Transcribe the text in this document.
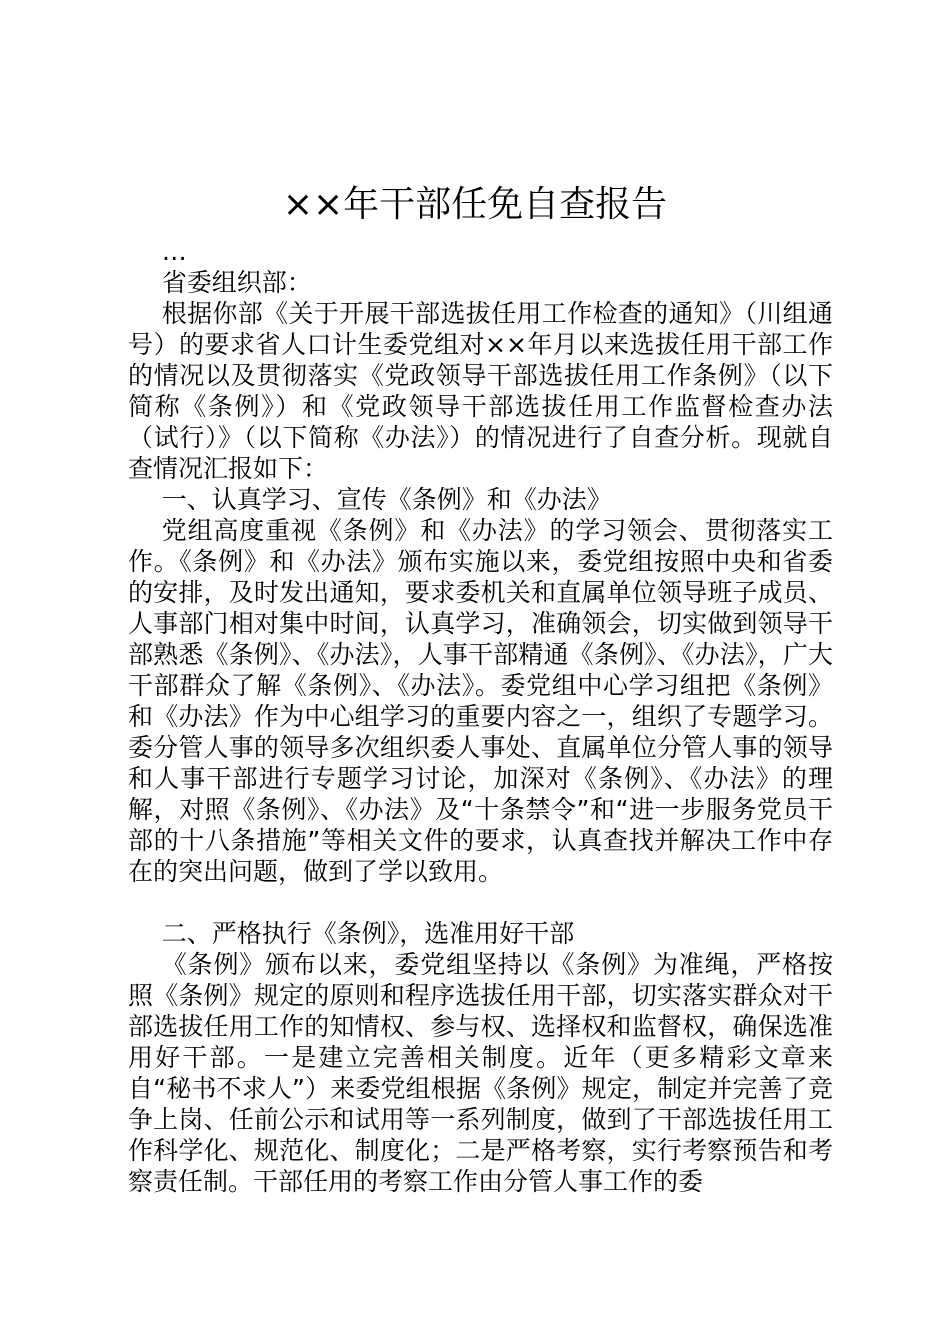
××年干部任免自查报告

…

省委组织部：

根据你部《关于开展干部选拔任用工作检查的通知》（川组通号）的要求省人口计生委党组对××年月以来选拔任用干部工作的情况以及贯彻落实《党政领导干部选拔任用工作条例》（以下简称《条例》）和《党政领导干部选拔任用工作监督检查办法（试行）》（以下简称《办法》）的情况进行了自查分析。现就自查情况汇报如下：

一、认真学习、宣传《条例》和《办法》

党组高度重视《条例》和《办法》的学习领会、贯彻落实工作。《条例》和《办法》颁布实施以来，委党组按照中央和省委的安排，及时发出通知，要求委机关和直属单位领导班子成员、人事部门相对集中时间，认真学习，准确领会，切实做到领导干部熟悉《条例》、《办法》，人事干部精通《条例》、《办法》，广大干部群众了解《条例》、《办法》。委党组中心学习组把《条例》和《办法》作为中心组学习的重要内容之一，组织了专题学习。委分管人事的领导多次组织委人事处、直属单位分管人事的领导和人事干部进行专题学习讨论，加深对《条例》、《办法》的理解，对照《条例》、《办法》及“十条禁令”和“进一步服务党员干部的十八条措施”等相关文件的要求，认真查找并解决工作中存在的突出问题，做到了学以致用。

二、严格执行《条例》，选准用好干部

《条例》颁布以来，委党组坚持以《条例》为准绳，严格按照《条例》规定的原则和程序选拔任用干部，切实落实群众对干部选拔任用工作的知情权、参与权、选择权和监督权，确保选准用好干部。一是建立完善相关制度。近年（更多精彩文章来自“秘书不求人”）来委党组根据《条例》规定，制定并完善了竞争上岗、任前公示和试用等一系列制度，做到了干部选拔任用工作科学化、规范化、制度化；二是严格考察，实行考察预告和考察责任制。干部任用的考察工作由分管人事工作的委
